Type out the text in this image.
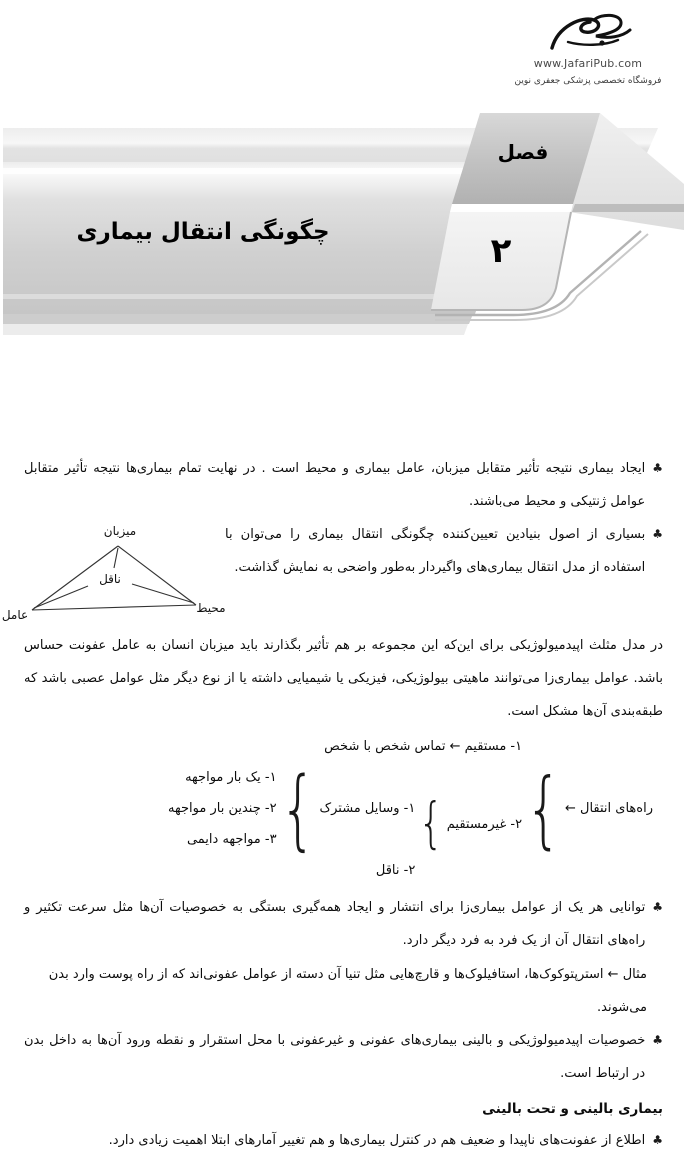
www.JafariPub.com
فروشگاه تخصصی پزشکی جعفری نوین
فصل
۲
چگونگی انتقال بیماری
♣
ایجاد بیماری نتیجه تأثیر متقابل میزبان، عامل بیماری و محیط است . در نهایت تمام بیماری‌ها نتیجه تأثیر متقابل عوامل ژنتیکی و محیط می‌باشند.
♣
بسیاری از اصول بنیادین تعیین‌کننده چگونگی انتقال بیماری را می‌توان با استفاده از مدل انتقال بیماری‌های واگیردار به‌طور واضحی به نمایش گذاشت.
میزبان
ناقل
عامل	محیط
در مدل مثلث اپیدمیولوژیکی برای این‌که این مجموعه بر هم تأثیر بگذارند باید میزبان انسان به عامل عفونت حساس باشد. عوامل بیماری‌زا می‌توانند ماهیتی بیولوژیکی، فیزیکی یا شیمیایی داشته یا از نوع دیگر مثل عوامل عصبی باشد که طبقه‌بندی آن‌ها مشکل است.
راه‌های انتقال ←
}
۱- مستقیم ← تماس شخص با شخص
۲- غیرمستقیم
}
۱- وسایل مشترک
}
۱- یک بار مواجهه
۲- چندین بار مواجهه
۳- مواجهه دایمی
۲- ناقل
♣
توانایی هر یک از عوامل بیماری‌زا برای انتشار و ایجاد همه‌گیری بستگی به خصوصیات آن‌ها مثل سرعت تکثیر و راه‌های انتقال آن از یک فرد به فرد دیگر دارد.
مثال ← استرپتوکوک‌ها، استافیلوک‌ها و قارچ‌هایی مثل تنیا آن دسته از عوامل عفونی‌اند که از راه پوست وارد بدن می‌شوند.
♣
خصوصیات اپیدمیولوژیکی و بالینی بیماری‌های عفونی و غیرعفونی با محل استقرار و نقطه ورود آن‌ها به داخل بدن در ارتباط است.
بیماری بالینی و تحت بالینی
♣
اطلاع از عفونت‌های ناپیدا و ضعیف هم در کنترل بیماری‌ها و هم تغییر آمارهای ابتلا اهمیت زیادی دارد.
